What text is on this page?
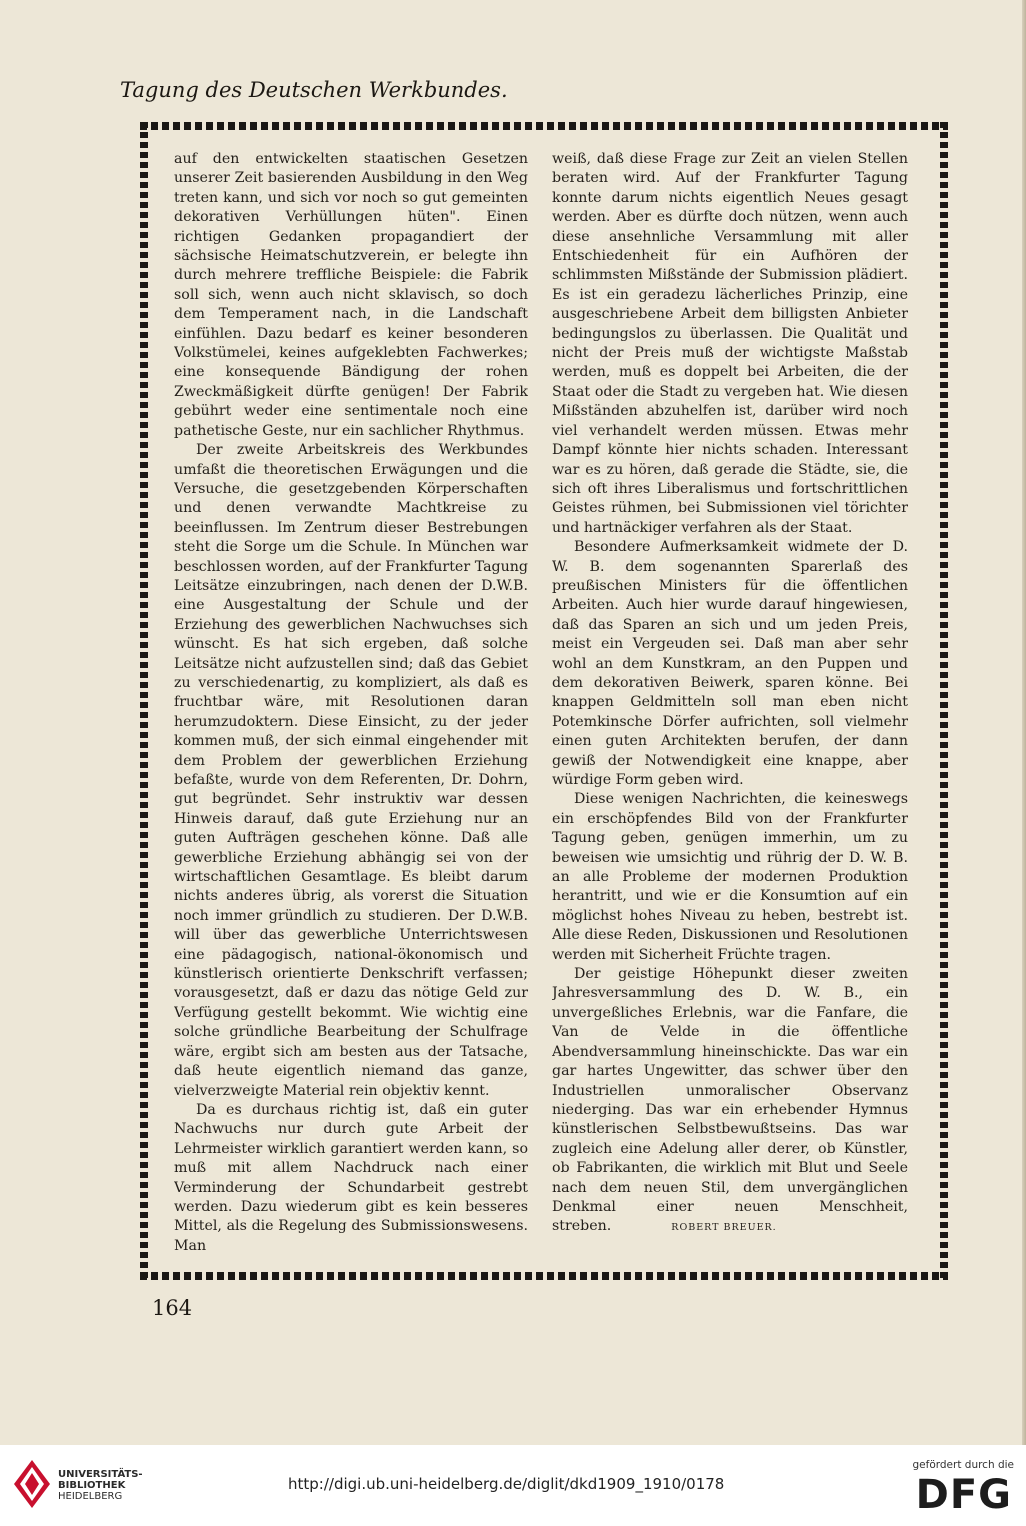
Tagung des Deutschen Werkbundes.

auf den entwickelten staatischen Gesetzen unserer Zeit basierenden Ausbildung in den Weg treten kann, und sich vor noch so gut gemeinten dekorativen Verhüllungen hüten". Einen richtigen Gedanken propagandiert der sächsische Heimatschutzverein, er belegte ihn durch mehrere treffliche Beispiele: die Fabrik soll sich, wenn auch nicht sklavisch, so doch dem Temperament nach, in die Landschaft einfühlen. Dazu bedarf es keiner besonderen Volkstümelei, keines aufgeklebten Fachwerkes; eine konsequende Bändigung der rohen Zweckmäßigkeit dürfte genügen! Der Fabrik gebührt weder eine sentimentale noch eine pathetische Geste, nur ein sachlicher Rhythmus.

Der zweite Arbeitskreis des Werkbundes umfaßt die theoretischen Erwägungen und die Versuche, die gesetzgebenden Körperschaften und denen verwandte Machtkreise zu beeinflussen. Im Zentrum dieser Bestrebungen steht die Sorge um die Schule. In München war beschlossen worden, auf der Frankfurter Tagung Leitsätze einzubringen, nach denen der D.W.B. eine Ausgestaltung der Schule und der Erziehung des gewerblichen Nachwuchses sich wünscht. Es hat sich ergeben, daß solche Leitsätze nicht aufzustellen sind; daß das Gebiet zu verschiedenartig, zu kompliziert, als daß es fruchtbar wäre, mit Resolutionen daran herumzudoktern. Diese Einsicht, zu der jeder kommen muß, der sich einmal eingehender mit dem Problem der gewerblichen Erziehung befaßte, wurde von dem Referenten, Dr. Dohrn, gut begründet. Sehr instruktiv war dessen Hinweis darauf, daß gute Erziehung nur an guten Aufträgen geschehen könne. Daß alle gewerbliche Erziehung abhängig sei von der wirtschaftlichen Gesamtlage. Es bleibt darum nichts anderes übrig, als vorerst die Situation noch immer gründlich zu studieren. Der D.W.B. will über das gewerbliche Unterrichtswesen eine pädagogisch, national-ökonomisch und künstlerisch orientierte Denkschrift verfassen; vorausgesetzt, daß er dazu das nötige Geld zur Verfügung gestellt bekommt. Wie wichtig eine solche gründliche Bearbeitung der Schulfrage wäre, ergibt sich am besten aus der Tatsache, daß heute eigentlich niemand das ganze, vielverzweigte Material rein objektiv kennt.

Da es durchaus richtig ist, daß ein guter Nachwuchs nur durch gute Arbeit der Lehrmeister wirklich garantiert werden kann, so muß mit allem Nachdruck nach einer Verminderung der Schundarbeit gestrebt werden. Dazu wiederum gibt es kein besseres Mittel, als die Regelung des Submissionswesens. Man

weiß, daß diese Frage zur Zeit an vielen Stellen beraten wird. Auf der Frankfurter Tagung konnte darum nichts eigentlich Neues gesagt werden. Aber es dürfte doch nützen, wenn auch diese ansehnliche Versammlung mit aller Entschiedenheit für ein Aufhören der schlimmsten Mißstände der Submission plädiert. Es ist ein geradezu lächerliches Prinzip, eine ausgeschriebene Arbeit dem billigsten Anbieter bedingungslos zu überlassen. Die Qualität und nicht der Preis muß der wichtigste Maßstab werden, muß es doppelt bei Arbeiten, die der Staat oder die Stadt zu vergeben hat. Wie diesen Mißständen abzuhelfen ist, darüber wird noch viel verhandelt werden müssen. Etwas mehr Dampf könnte hier nichts schaden. Interessant war es zu hören, daß gerade die Städte, sie, die sich oft ihres Liberalismus und fortschrittlichen Geistes rühmen, bei Submissionen viel törichter und hartnäckiger verfahren als der Staat.

Besondere Aufmerksamkeit widmete der D. W. B. dem sogenannten Sparerlaß des preußischen Ministers für die öffentlichen Arbeiten. Auch hier wurde darauf hingewiesen, daß das Sparen an sich und um jeden Preis, meist ein Vergeuden sei. Daß man aber sehr wohl an dem Kunstkram, an den Puppen und dem dekorativen Beiwerk, sparen könne. Bei knappen Geldmitteln soll man eben nicht Potemkinsche Dörfer aufrichten, soll vielmehr einen guten Architekten berufen, der dann gewiß der Notwendigkeit eine knappe, aber würdige Form geben wird.

Diese wenigen Nachrichten, die keineswegs ein erschöpfendes Bild von der Frankfurter Tagung geben, genügen immerhin, um zu beweisen wie umsichtig und rührig der D. W. B. an alle Probleme der modernen Produktion herantritt, und wie er die Konsumtion auf ein möglichst hohes Niveau zu heben, bestrebt ist. Alle diese Reden, Diskussionen und Resolutionen werden mit Sicherheit Früchte tragen.

Der geistige Höhepunkt dieser zweiten Jahresversammlung des D. W. B., ein unvergeßliches Erlebnis, war die Fanfare, die Van de Velde in die öffentliche Abendversammlung hineinschickte. Das war ein gar hartes Ungewitter, das schwer über den Industriellen unmoralischer Observanz niederging. Das war ein erhebender Hymnus künstlerischen Selbstbewußtseins. Das war zugleich eine Adelung aller derer, ob Künstler, ob Fabrikanten, die wirklich mit Blut und Seele nach dem neuen Stil, dem unvergänglichen Denkmal einer neuen Menschheit, streben.	ROBERT BREUER.

164
UNIVERSITÄTS-
BIBLIOTHEK
HEIDELBERG
http://digi.ub.uni-heidelberg.de/diglit/dkd1909_1910/0178
gefördert durch die
DFG
